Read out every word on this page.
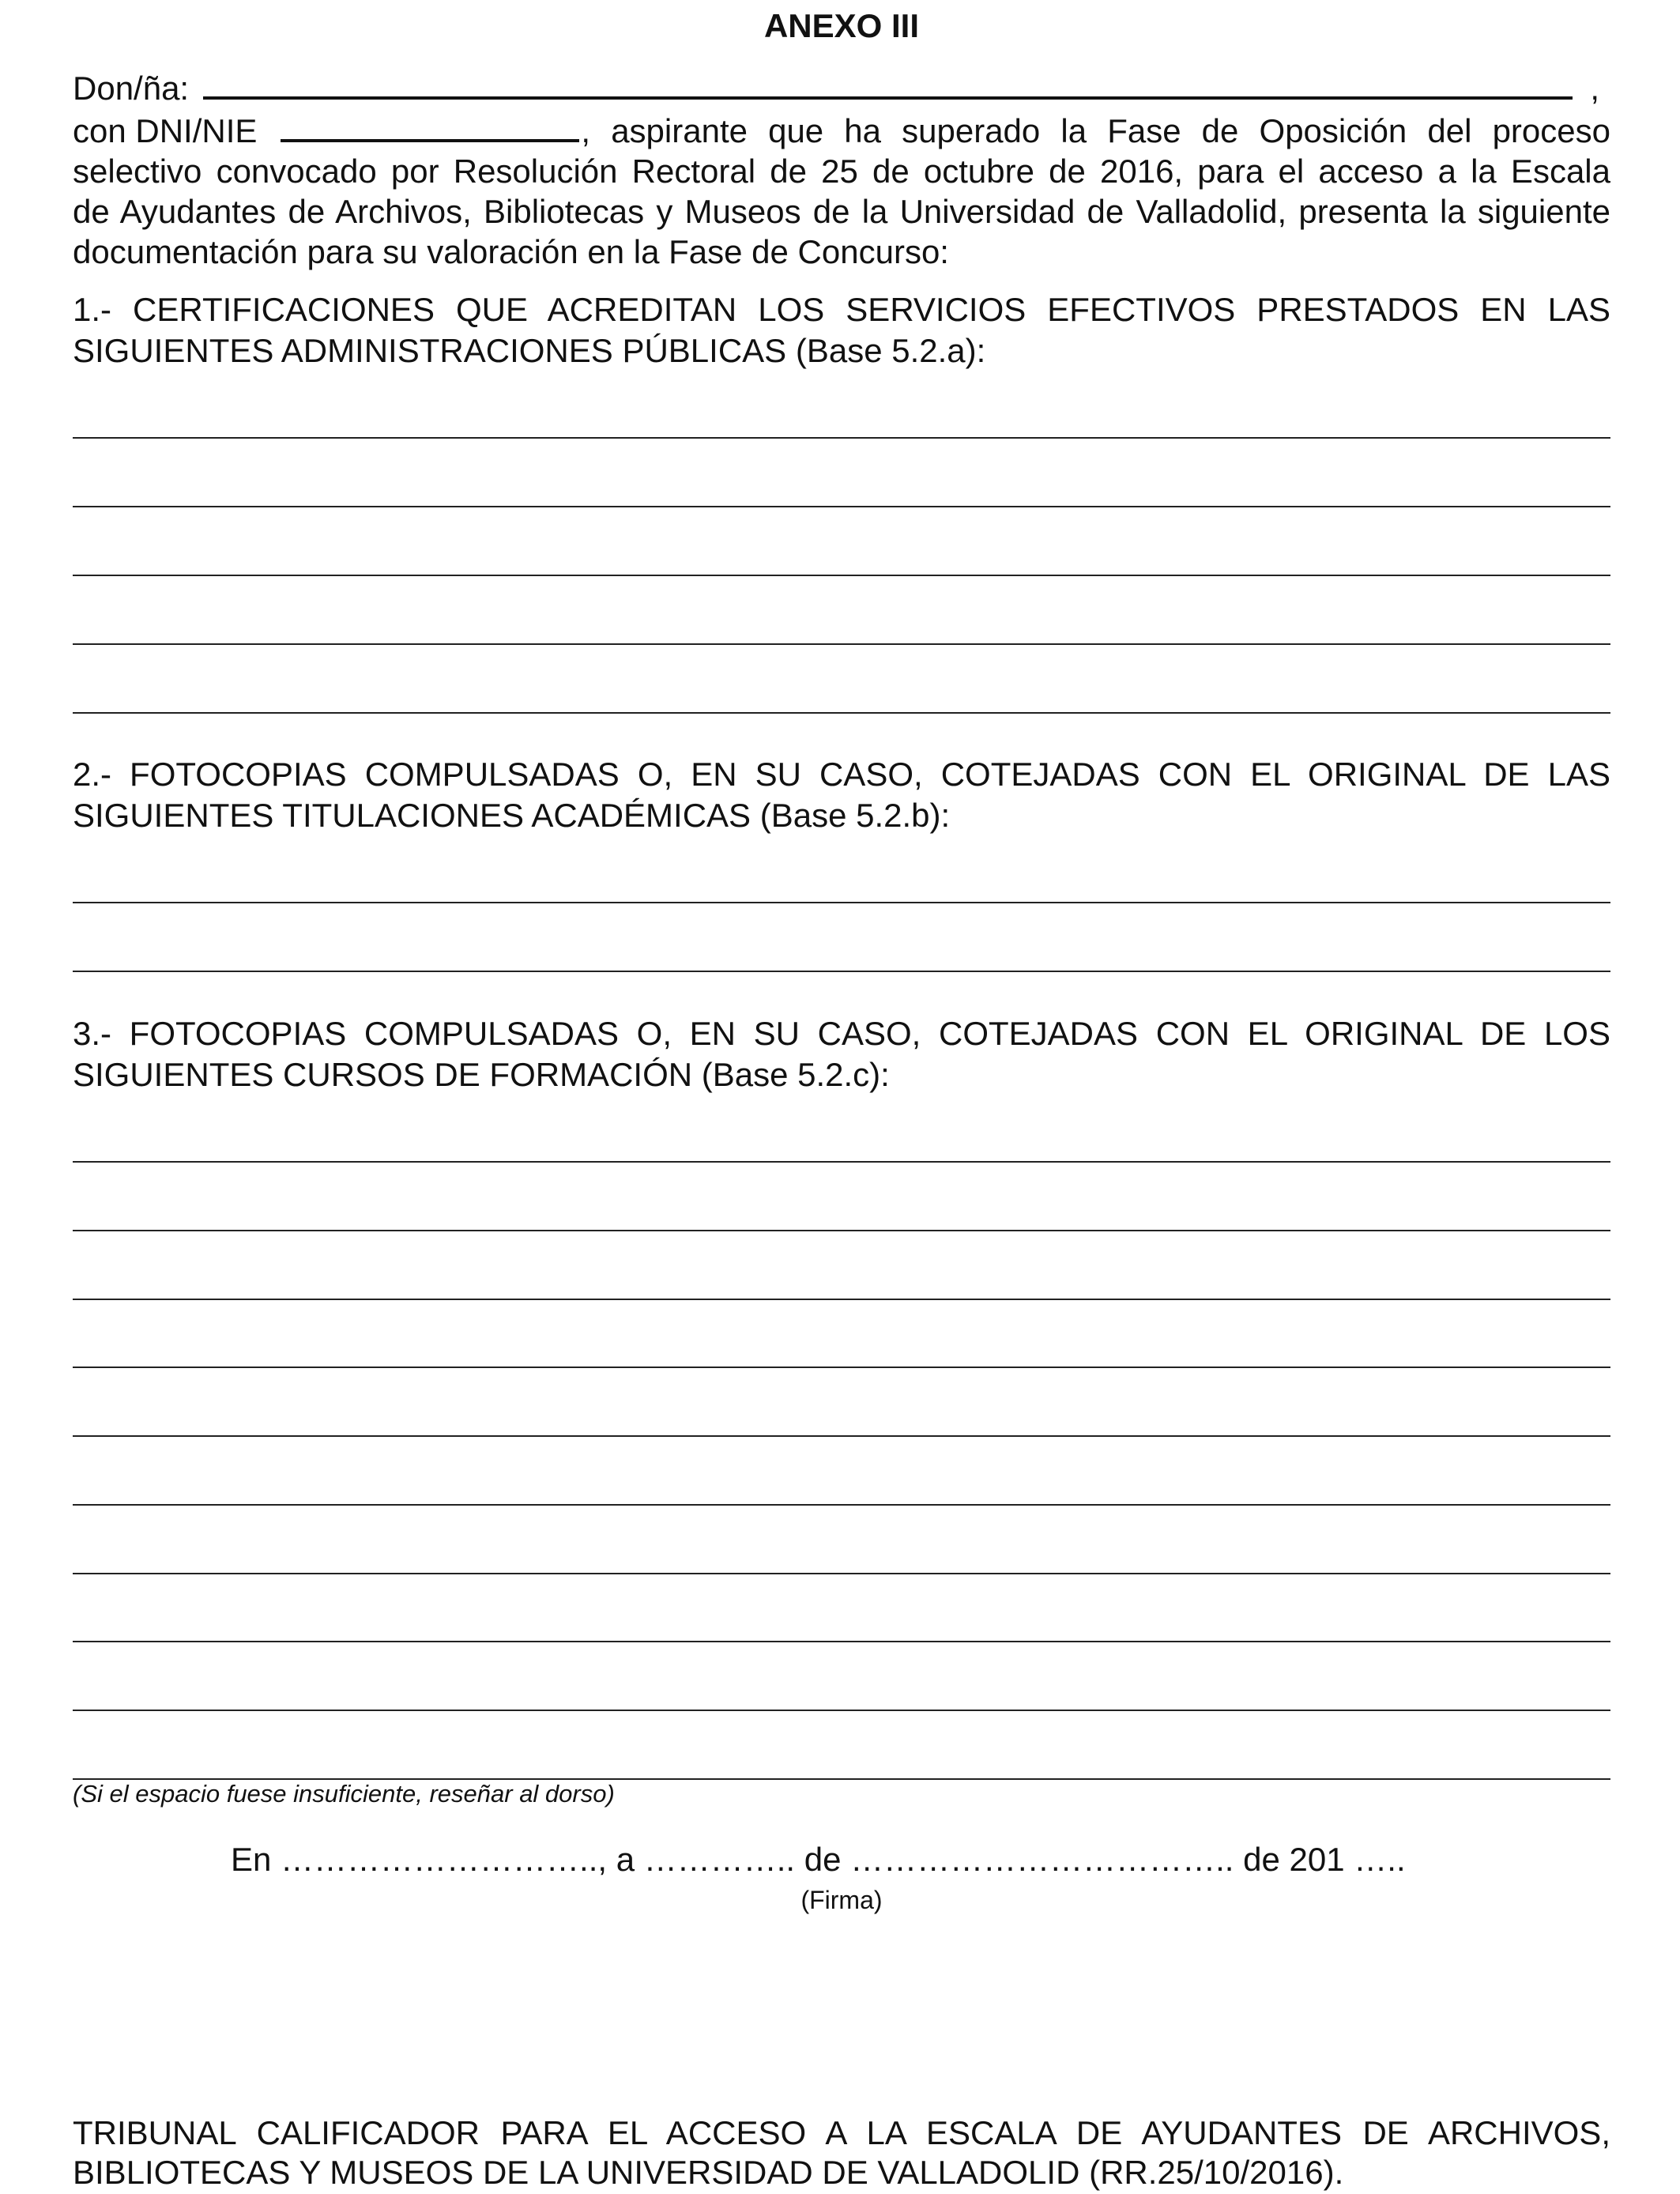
ANEXO III
Don/ña:	,
con DNI/NIE	, aspirante que ha superado la Fase de Oposición del proceso
selectivo convocado por Resolución Rectoral de 25 de octubre de 2016, para el acceso a la Escala
de Ayudantes de Archivos, Bibliotecas y Museos de la Universidad de Valladolid, presenta la siguiente
documentación para su valoración en la Fase de Concurso:
1.- CERTIFICACIONES QUE ACREDITAN LOS SERVICIOS EFECTIVOS PRESTADOS EN LAS
SIGUIENTES ADMINISTRACIONES PÚBLICAS (Base 5.2.a):
2.- FOTOCOPIAS COMPULSADAS O, EN SU CASO, COTEJADAS CON EL ORIGINAL DE LAS
SIGUIENTES TITULACIONES ACADÉMICAS (Base 5.2.b):
3.- FOTOCOPIAS COMPULSADAS O, EN SU CASO, COTEJADAS CON EL ORIGINAL DE LOS
SIGUIENTES CURSOS DE FORMACIÓN (Base 5.2.c):
(Si el espacio fuese insuficiente, reseñar al dorso)
En ……………………….., a ………….. de …………………………….. de 201 …..
(Firma)
TRIBUNAL CALIFICADOR PARA EL ACCESO A LA ESCALA DE AYUDANTES DE ARCHIVOS,
BIBLIOTECAS Y MUSEOS DE LA UNIVERSIDAD DE VALLADOLID (RR.25/10/2016).
